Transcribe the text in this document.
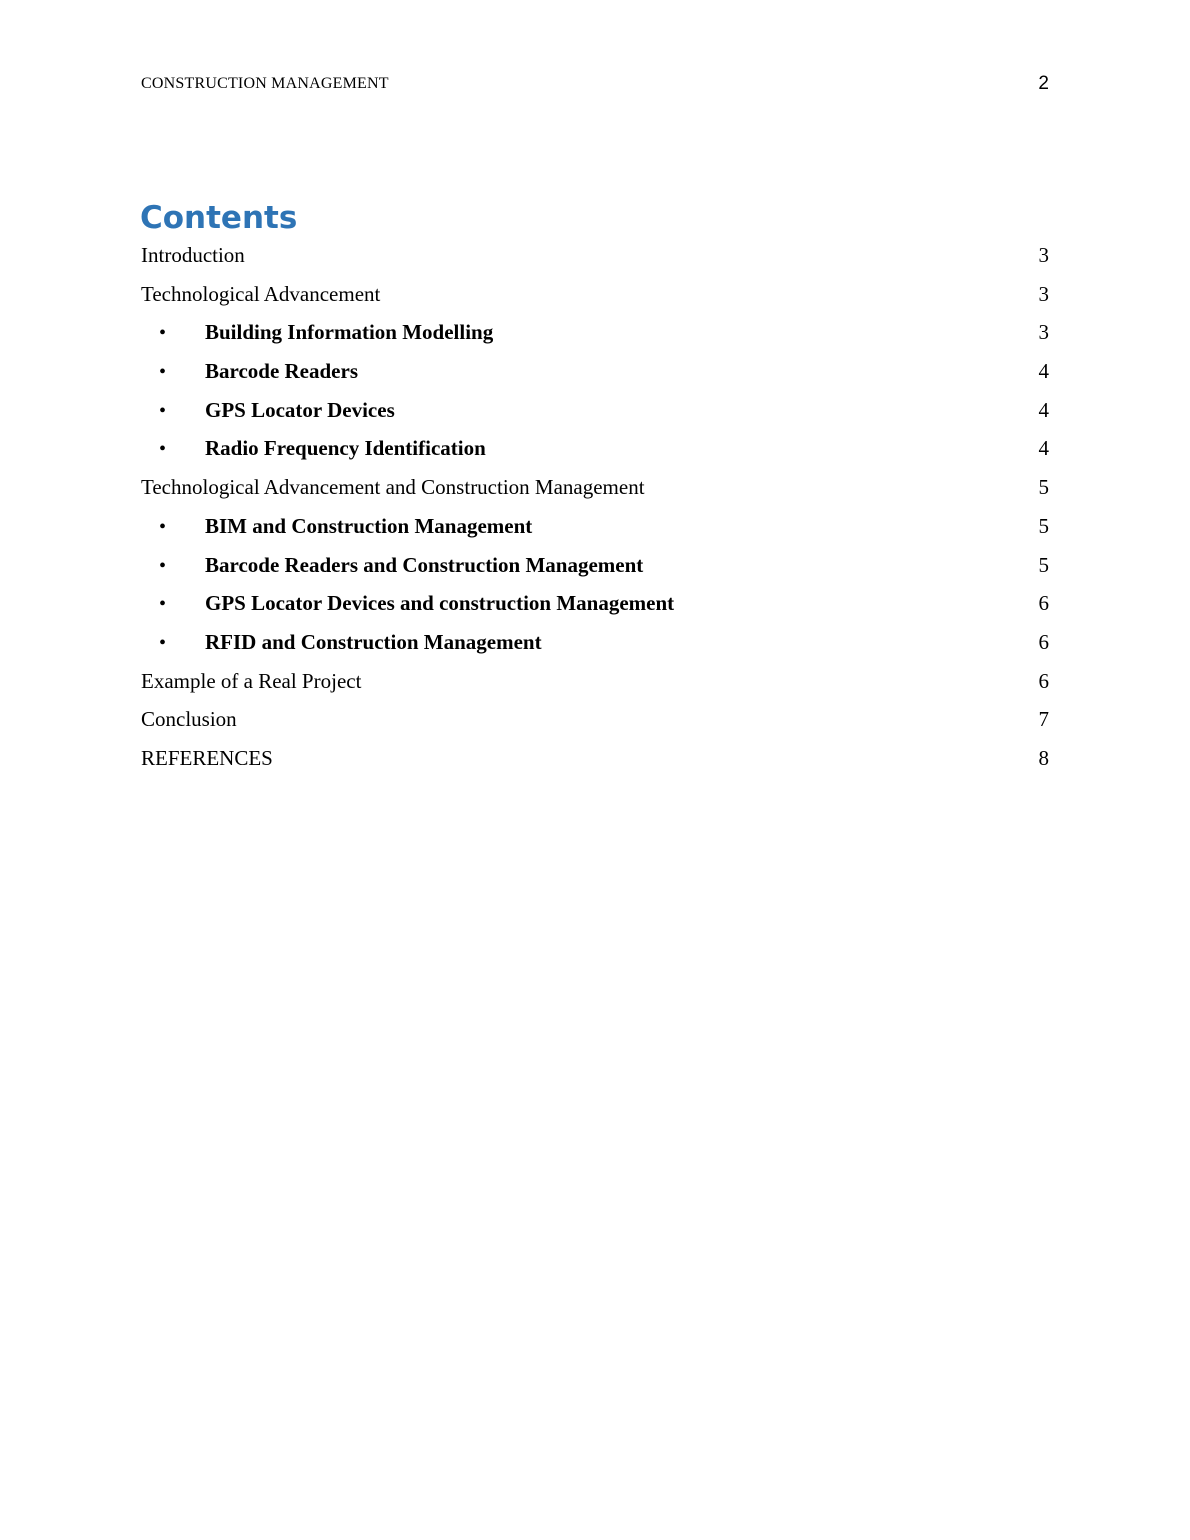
CONSTRUCTION MANAGEMENT	2
Contents
Introduction	3
Technological Advancement	3
•	Building Information Modelling	3
•	Barcode Readers	4
•	GPS Locator Devices	4
•	Radio Frequency Identification	4
Technological Advancement and Construction Management	5
•	BIM and Construction Management	5
•	Barcode Readers and Construction Management	5
•	GPS Locator Devices and construction Management	6
•	RFID and Construction Management	6
Example of a Real Project	6
Conclusion	7
REFERENCES	8
